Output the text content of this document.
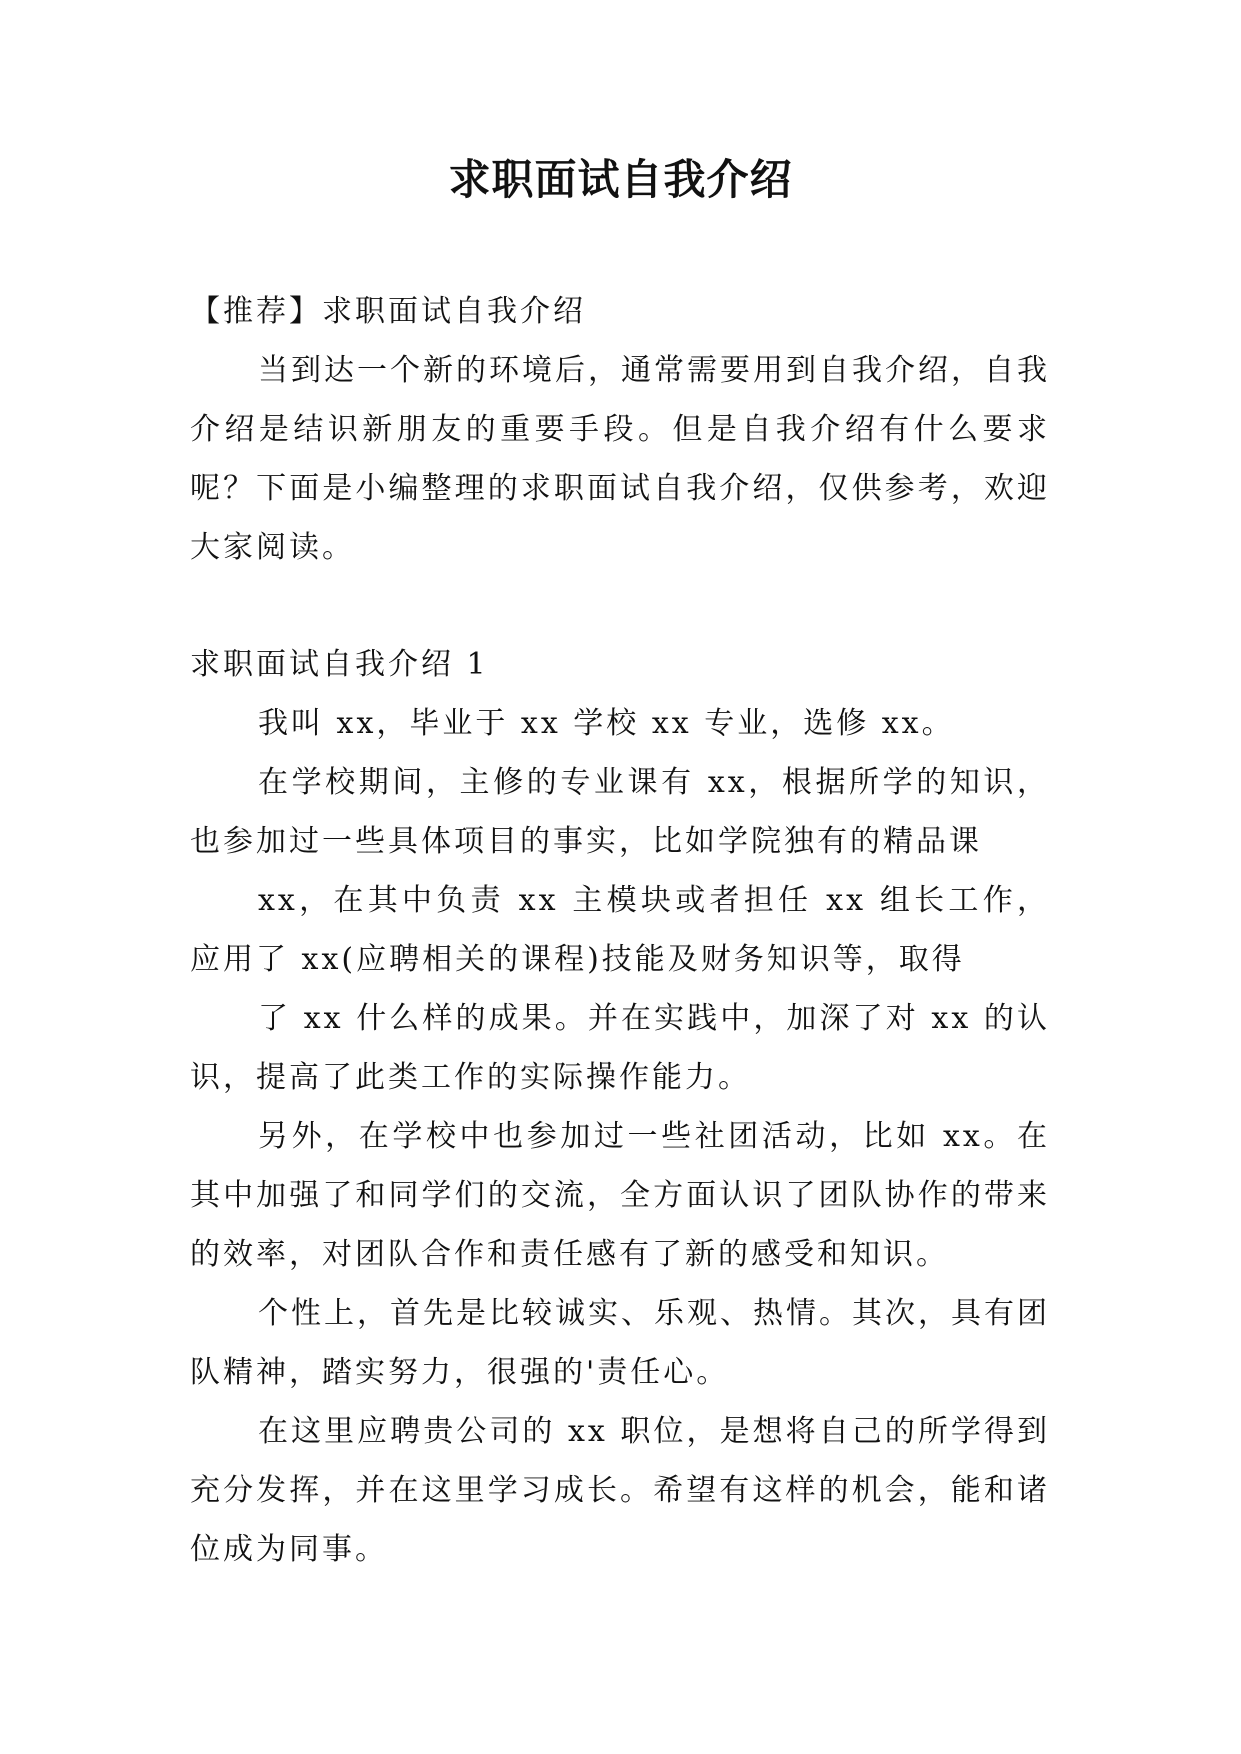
求职面试自我介绍

【推荐】求职面试自我介绍

当到达一个新的环境后，通常需要用到自我介绍，自我介绍是结识新朋友的重要手段。但是自我介绍有什么要求呢？下面是小编整理的求职面试自我介绍，仅供参考，欢迎大家阅读。

求职面试自我介绍 1

我叫 xx，毕业于 xx 学校 xx 专业，选修 xx。

在学校期间，主修的专业课有 xx，根据所学的知识，也参加过一些具体项目的事实，比如学院独有的精品课

xx，在其中负责 xx 主模块或者担任 xx 组长工作，应用了 xx(应聘相关的课程)技能及财务知识等，取得

了 xx 什么样的成果。并在实践中，加深了对 xx 的认识，提高了此类工作的实际操作能力。

另外，在学校中也参加过一些社团活动，比如 xx。在其中加强了和同学们的交流，全方面认识了团队协作的带来的效率，对团队合作和责任感有了新的感受和知识。

个性上，首先是比较诚实、乐观、热情。其次，具有团队精神，踏实努力，很强的'责任心。

在这里应聘贵公司的 xx 职位，是想将自己的所学得到充分发挥，并在这里学习成长。希望有这样的机会，能和诸位成为同事。
